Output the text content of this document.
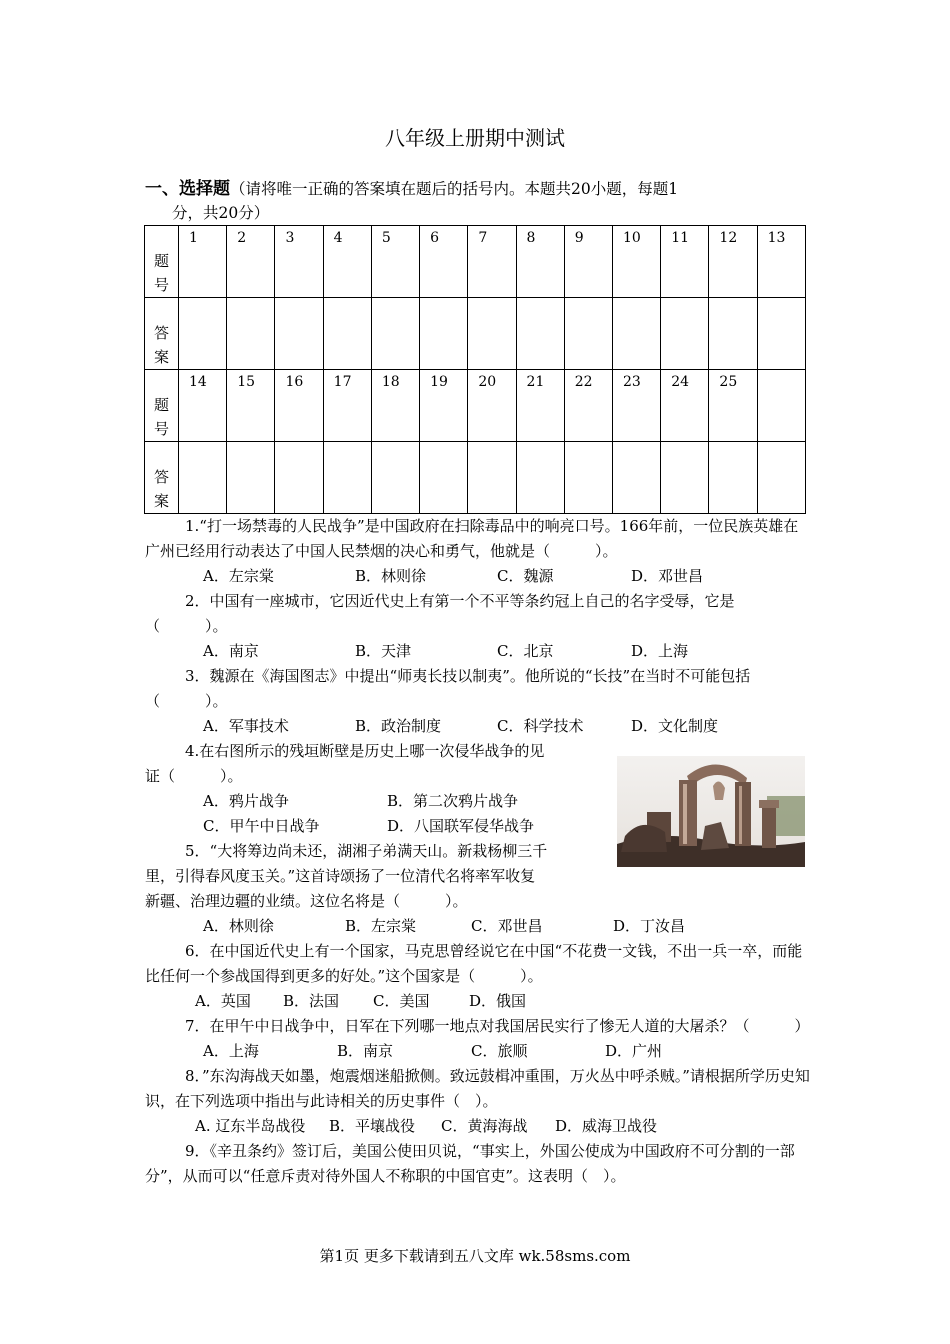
八年级上册期中测试
一、选择题（请将唯一正确的答案填在题后的括号内。本题共20小题，每题1
分，共20分）
题
号	1	2	3	4	5	6	7	8	9	10	11	12	13

答
案													

题
号	14	15	16	17	18	19	20	21	22	23	24	25	

答
案													

1.“打一场禁毒的人民战争”是中国政府在扫除毒品中的响亮口号。166年前，一位民族英雄在广州已经用行动表达了中国人民禁烟的决心和勇气，他就是（　　　）。

A．左宗棠	B．林则徐	C．魏源	D．邓世昌

2．中国有一座城市，它因近代史上有第一个不平等条约冠上自己的名字受辱，它是（　　　）。

A．南京	B．天津	C．北京	D．上海

3．魏源在《海国图志》中提出“师夷长技以制夷”。他所说的“长技”在当时不可能包括（　　　）。

A．军事技术	B．政治制度	C．科学技术	D．文化制度
4.在右图所示的残垣断壁是历史上哪一次侵华战争的见
证（　　　）。
A．鸦片战争	B．第二次鸦片战争
C．甲午中日战争	D．八国联军侵华战争
5．“大将筹边尚未还，湖湘子弟满天山。新栽杨柳三千
里，引得春风度玉关。”这首诗颂扬了一位清代名将率军收复
新疆、治理边疆的业绩。这位名将是（　　　）。
A．林则徐	B．左宗棠	C．邓世昌	D．丁汝昌

6．在中国近代史上有一个国家，马克思曾经说它在中国“不花费一文钱，不出一兵一卒，而能比任何一个参战国得到更多的好处。”这个国家是（　　　）。

A．英国 B．法国 C．美国	D．俄国

7．在甲午中日战争中，日军在下列哪一地点对我国居民实行了惨无人道的大屠杀？（　　　）

A．上海	B．南京	C．旅顺	D．广州

8．”东沟海战天如墨，炮震烟迷船掀侧。致远鼓楫冲重围，万火丛中呼杀贼。”请根据所学历史知识，在下列选项中指出与此诗相关的历史事件（　）。

A. 辽东半岛战役 B．平壤战役 C．黄海海战 D．威海卫战役

9．《辛丑条约》签订后，美国公使田贝说，“事实上，外国公使成为中国政府不可分割的一部分”，从而可以“任意斥责对待外国人不称职的中国官吏”。这表明（　）。

第1页 更多下载请到五八文库 wk.58sms.com
